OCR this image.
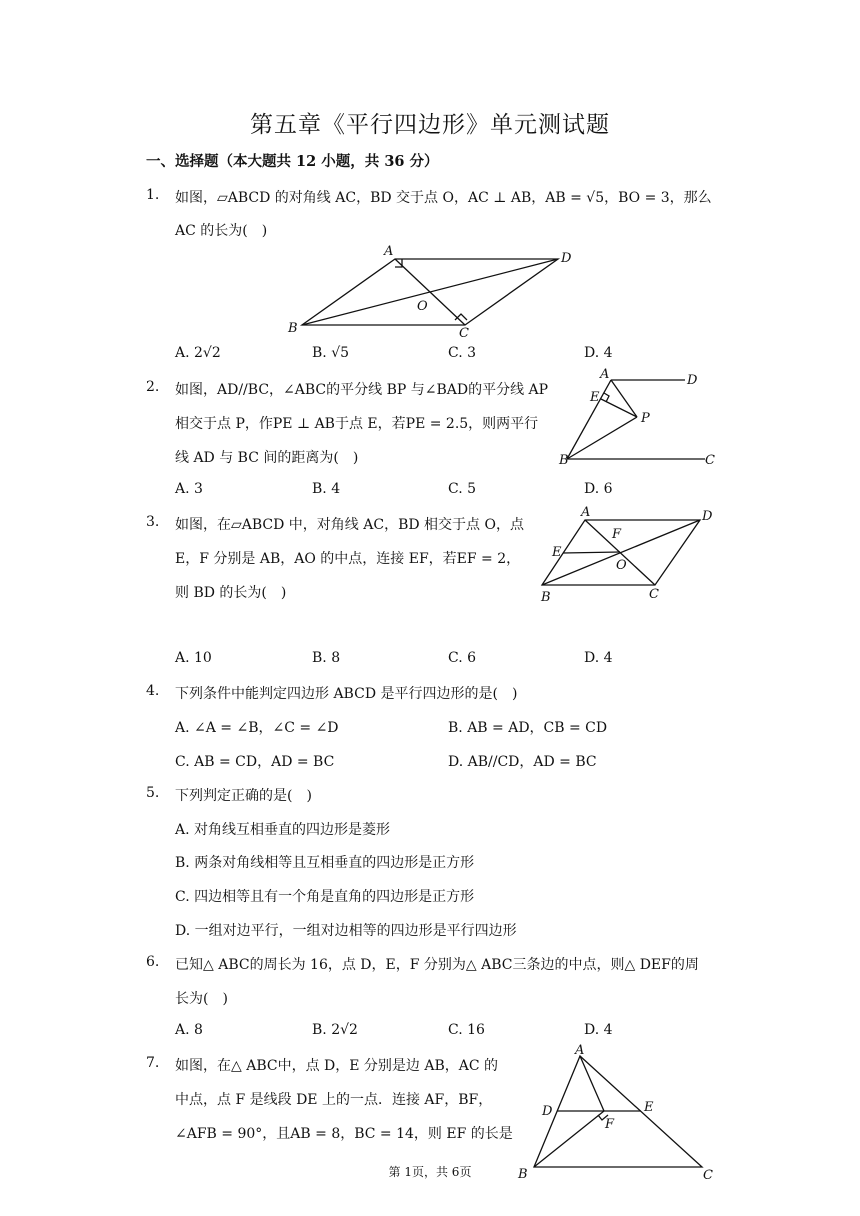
第五章《平行四边形》单元测试题
一、选择题（本大题共 12 小题，共 36 分）
1. 如图，▱ABCD 的对角线 AC，BD 交于点 O，AC ⊥ AB，AB = √5，BO = 3，那么
AC 的长为(　)
A
B	C
D
O
A. 2√2	B. √5	C. 3	D. 4
2. 如图，AD//BC，∠ABC的平分线 BP 与∠BAD的平分线 AP
相交于点 P，作PE ⊥ AB于点 E，若PE = 2.5，则两平行
线 AD 与 BC 间的距离为(　)
A	D
E
P
B	C
A. 3	B. 4	C. 5	D. 6
3. 如图，在▱ABCD 中，对角线 AC，BD 相交于点 O，点
E，F 分别是 AB，AO 的中点，连接 EF，若EF = 2，
则 BD 的长为(　)
A	D
F
E
O
B	C
A. 10	B. 8	C. 6	D. 4
4. 下列条件中能判定四边形 ABCD 是平行四边形的是(　)
A. ∠A = ∠B，∠C = ∠D	B. AB = AD，CB = CD
C. AB = CD，AD = BC	D. AB//CD，AD = BC
5. 下列判定正确的是(　)
A. 对角线互相垂直的四边形是菱形
B. 两条对角线相等且互相垂直的四边形是正方形
C. 四边相等且有一个角是直角的四边形是正方形
D. 一组对边平行，一组对边相等的四边形是平行四边形
6. 已知△ ABC的周长为 16，点 D，E，F 分别为△ ABC三条边的中点，则△ DEF的周
长为(　)
A. 8	B. 2√2	C. 16	D. 4
7. 如图，在△ ABC中，点 D，E 分别是边 AB，AC 的
中点，点 F 是线段 DE 上的一点．连接 AF，BF，
∠AFB = 90°，且AB = 8，BC = 14，则 EF 的长是
A
D	E
F
B	C
第 1页，共 6页
